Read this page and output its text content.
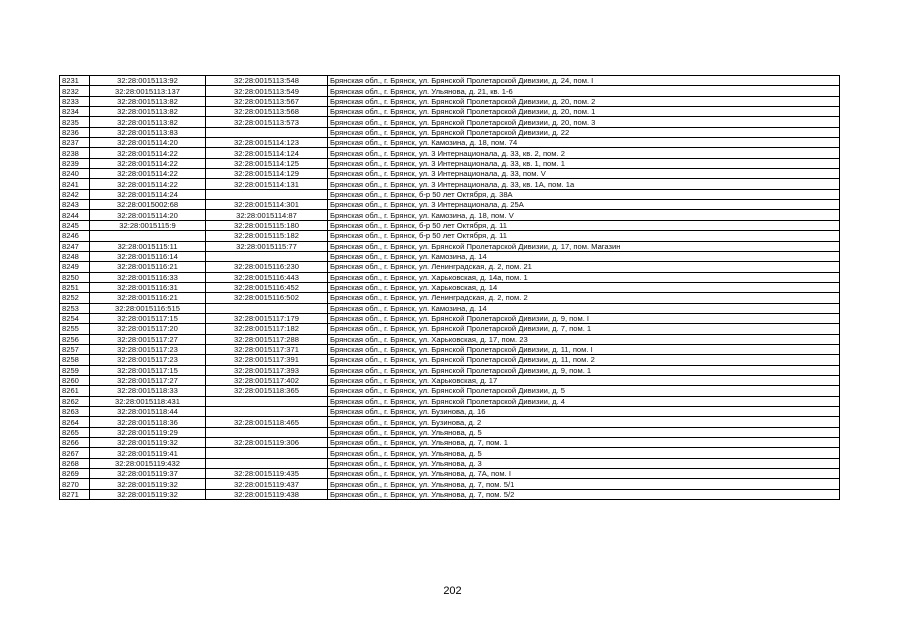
8231	32:28:0015113:92	32:28:0015113:548	Брянская обл., г. Брянск, ул. Брянской Пролетарской Дивизии, д. 24, пом. I
8232	32:28:0015113:137	32:28:0015113:549	Брянская обл., г. Брянск, ул. Ульянова, д. 21, кв. 1-6
8233	32:28:0015113:82	32:28:0015113:567	Брянская обл., г. Брянск, ул. Брянской Пролетарской Дивизии, д. 20, пом. 2
8234	32:28:0015113:82	32:28:0015113:568	Брянская обл., г. Брянск, ул. Брянской Пролетарской Дивизии, д. 20, пом. 1
8235	32:28:0015113:82	32:28:0015113:573	Брянская обл., г. Брянск, ул. Брянской Пролетарской Дивизии, д. 20, пом. 3
8236	32:28:0015113:83		Брянская обл., г. Брянск, ул. Брянской Пролетарской Дивизии, д. 22
8237	32:28:0015114:20	32:28:0015114:123	Брянская обл., г. Брянск, ул. Камозина, д. 18, пом. 74
8238	32:28:0015114:22	32:28:0015114:124	Брянская обл., г. Брянск, ул. 3 Интернационала, д. 33, кв. 2, пом. 2
8239	32:28:0015114:22	32:28:0015114:125	Брянская обл., г. Брянск, ул. 3 Интернационала, д. 33, кв. 1, пом. 1
8240	32:28:0015114:22	32:28:0015114:129	Брянская обл., г. Брянск, ул. 3 Интернационала, д. 33, пом. V
8241	32:28:0015114:22	32:28:0015114:131	Брянская обл., г. Брянск, ул. 3 Интернационала, д. 33, кв. 1А, пом. 1а
8242	32:28:0015114:24		Брянская обл., г. Брянск, б-р 50 лет Октября, д. 38А
8243	32:28:0015002:68	32:28:0015114:301	Брянская обл., г. Брянск, ул. 3 Интернационала, д. 25А
8244	32:28:0015114:20	32:28:0015114:87	Брянская обл., г. Брянск, ул. Камозина, д. 18, пом. V
8245	32:28:0015115:9	32:28:0015115:180	Брянская обл., г. Брянск, б-р 50 лет Октября, д. 11
8246		32:28:0015115:182	Брянская обл., г. Брянск, б-р 50 лет Октября, д. 11
8247	32:28:0015115:11	32:28:0015115:77	Брянская обл., г. Брянск, ул. Брянской Пролетарской Дивизии, д. 17, пом. Магазин
8248	32:28:0015116:14		Брянская обл., г. Брянск, ул. Камозина, д. 14
8249	32:28:0015116:21	32:28:0015116:230	Брянская обл., г. Брянск, ул. Ленинградская, д. 2, пом. 21
8250	32:28:0015116:33	32:28:0015116:443	Брянская обл., г. Брянск, ул. Харьковская, д. 14а, пом. 1
8251	32:28:0015116:31	32:28:0015116:452	Брянская обл., г. Брянск, ул. Харьковская, д. 14
8252	32:28:0015116:21	32:28:0015116:502	Брянская обл., г. Брянск, ул. Ленинградская, д. 2, пом. 2
8253	32:28:0015116:515		Брянская обл., г. Брянск, ул. Камозина, д. 14
8254	32:28:0015117:15	32:28:0015117:179	Брянская обл., г. Брянск, ул. Брянской Пролетарской Дивизии, д. 9, пом. I
8255	32:28:0015117:20	32:28:0015117:182	Брянская обл., г. Брянск, ул. Брянской Пролетарской Дивизии, д. 7, пом. 1
8256	32:28:0015117:27	32:28:0015117:288	Брянская обл., г. Брянск, ул. Харьковская, д. 17, пом. 23
8257	32:28:0015117:23	32:28:0015117:371	Брянская обл., г. Брянск, ул. Брянской Пролетарской Дивизии, д. 11, пом. I
8258	32:28:0015117:23	32:28:0015117:391	Брянская обл., г. Брянск, ул. Брянской Пролетарской Дивизии, д. 11, пом. 2
8259	32:28:0015117:15	32:28:0015117:393	Брянская обл., г. Брянск, ул. Брянской Пролетарской Дивизии, д. 9, пом. 1
8260	32:28:0015117:27	32:28:0015117:402	Брянская обл., г. Брянск, ул. Харьковская, д. 17
8261	32:28:0015118:33	32:28:0015118:365	Брянская обл., г. Брянск, ул. Брянской Пролетарской Дивизии, д. 5
8262	32:28:0015118:431		Брянская обл., г. Брянск, ул. Брянской Пролетарской Дивизии, д. 4
8263	32:28:0015118:44		Брянская обл., г. Брянск, ул. Бузинова, д. 16
8264	32:28:0015118:36	32:28:0015118:465	Брянская обл., г. Брянск, ул. Бузинова, д. 2
8265	32:28:0015119:29		Брянская обл., г. Брянск, ул. Ульянова, д. 5
8266	32:28:0015119:32	32:28:0015119:306	Брянская обл., г. Брянск, ул. Ульянова, д. 7, пом. 1
8267	32:28:0015119:41		Брянская обл., г. Брянск, ул. Ульянова, д. 5
8268	32:28:0015119:432		Брянская обл., г. Брянск, ул. Ульянова, д. 3
8269	32:28:0015119:37	32:28:0015119:435	Брянская обл., г. Брянск, ул. Ульянова, д. 7А, пом. I
8270	32:28:0015119:32	32:28:0015119:437	Брянская обл., г. Брянск, ул. Ульянова, д. 7, пом. 5/1
8271	32:28:0015119:32	32:28:0015119:438	Брянская обл., г. Брянск, ул. Ульянова, д. 7, пом. 5/2
202
